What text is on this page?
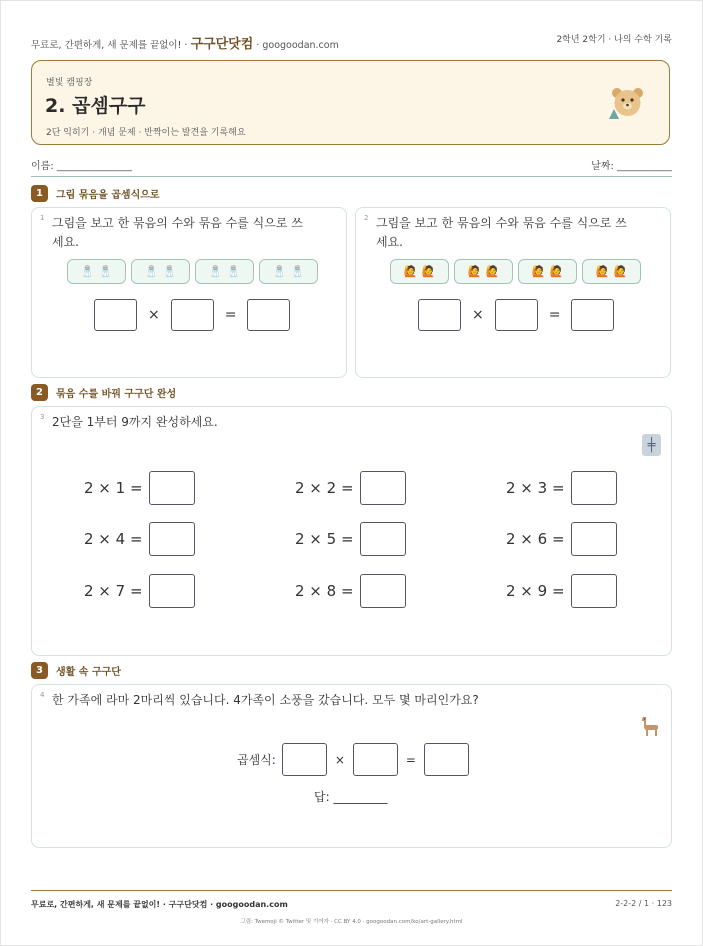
무료로, 간편하게, 새 문제를 끝없이! · 구구단닷컴 · googoodan.com	2학년 2학기 · 나의 수학 기록
별빛 캠핑장
2. 곱셈구구
2단 익히기 · 개념 문제 · 반짝이는 발견을 기록해요
이름: _______________	날짜: ___________
1	그림 묶음을 곱셈식으로
1 그림을 보고 한 묶음의 수와 묶음 수를 식으로 쓰
세요.
🧂 🧂	🧂 🧂	🧂 🧂	🧂 🧂
×	=
2 그림을 보고 한 묶음의 수와 묶음 수를 식으로 쓰
세요.
🙋 🙋	🙋 🙋	🙋 🙋	🙋 🙋
×	=
2	묶음 수를 바꿔 구구단 완성
3 2단을 1부터 9까지 완성하세요.
╪
2 × 1 =	2 × 2 =	2 × 3 =
2 × 4 =	2 × 5 =	2 × 6 =
2 × 7 =	2 × 8 =	2 × 9 =
3	생활 속 구구단
4 한 가족에 라마 2마리씩 있습니다. 4가족이 소풍을 갔습니다. 모두 몇 마리인가요?
곱셈식:	×	=
답: _________
무료로, 간편하게, 새 문제를 끝없이! · 구구단닷컴 · googoodan.com	2-2-2 / 1 · 123
그림: Twemoji © Twitter 및 기여자 · CC BY 4.0 · googoodan.com/ko/art-gallery.html
